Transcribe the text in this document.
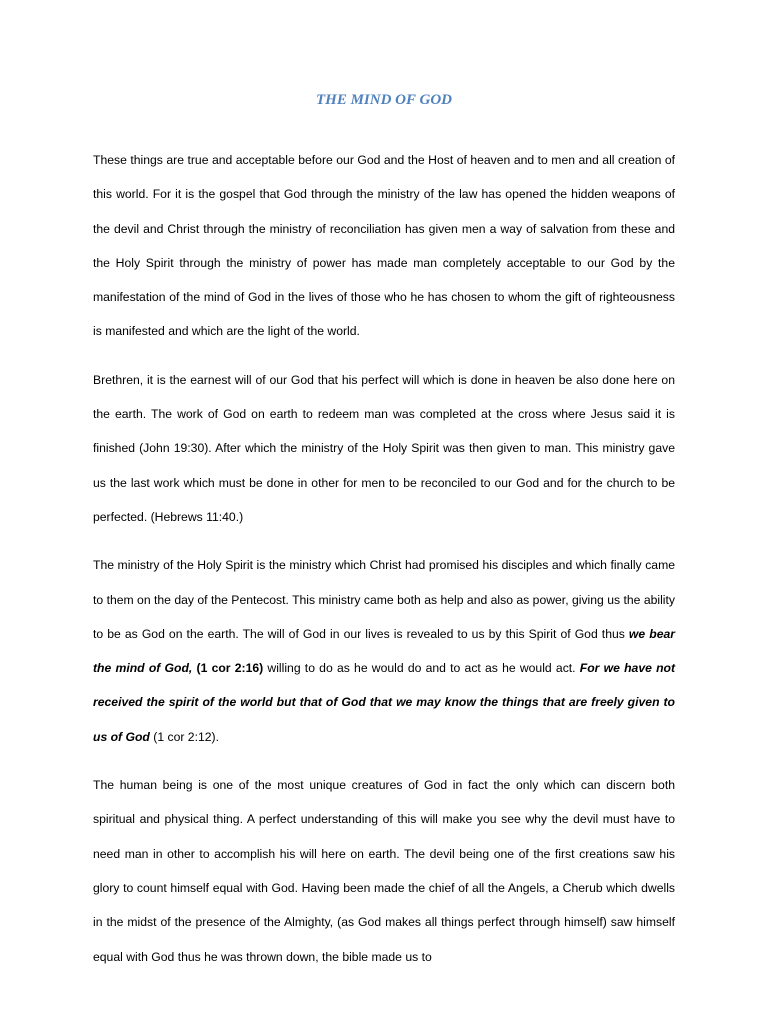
THE MIND OF GOD

These things are true and acceptable before our God and the Host of heaven and to men and all creation of this world. For it is the gospel that God through the ministry of the law has opened the hidden weapons of the devil and Christ through the ministry of reconciliation has given men a way of salvation from these and the Holy Spirit through the ministry of power has made man completely acceptable to our God by the manifestation of the mind of God in the lives of those who he has chosen to whom the gift of righteousness is manifested and which are the light of the world.

Brethren, it is the earnest will of our God that his perfect will which is done in heaven be also done here on the earth. The work of God on earth to redeem man was completed at the cross where Jesus said it is finished (John 19:30). After which the ministry of the Holy Spirit was then given to man. This ministry gave us the last work which must be done in other for men to be reconciled to our God and for the church to be perfected. (Hebrews 11:40.)

The ministry of the Holy Spirit is the ministry which Christ had promised his disciples and which finally came to them on the day of the Pentecost. This ministry came both as help and also as power, giving us the ability to be as God on the earth. The will of God in our lives is revealed to us by this Spirit of God thus we bear the mind of God, (1 cor 2:16) willing to do as he would do and to act as he would act. For we have not received the spirit of the world but that of God that we may know the things that are freely given to us of God (1 cor 2:12).

The human being is one of the most unique creatures of God in fact the only which can discern both spiritual and physical thing. A perfect understanding of this will make you see why the devil must have to need man in other to accomplish his will here on earth. The devil being one of the first creations saw his glory to count himself equal with God. Having been made the chief of all the Angels, a Cherub which dwells in the midst of the presence of the Almighty, (as God makes all things perfect through himself) saw himself equal with God thus he was thrown down, the bible made us to
